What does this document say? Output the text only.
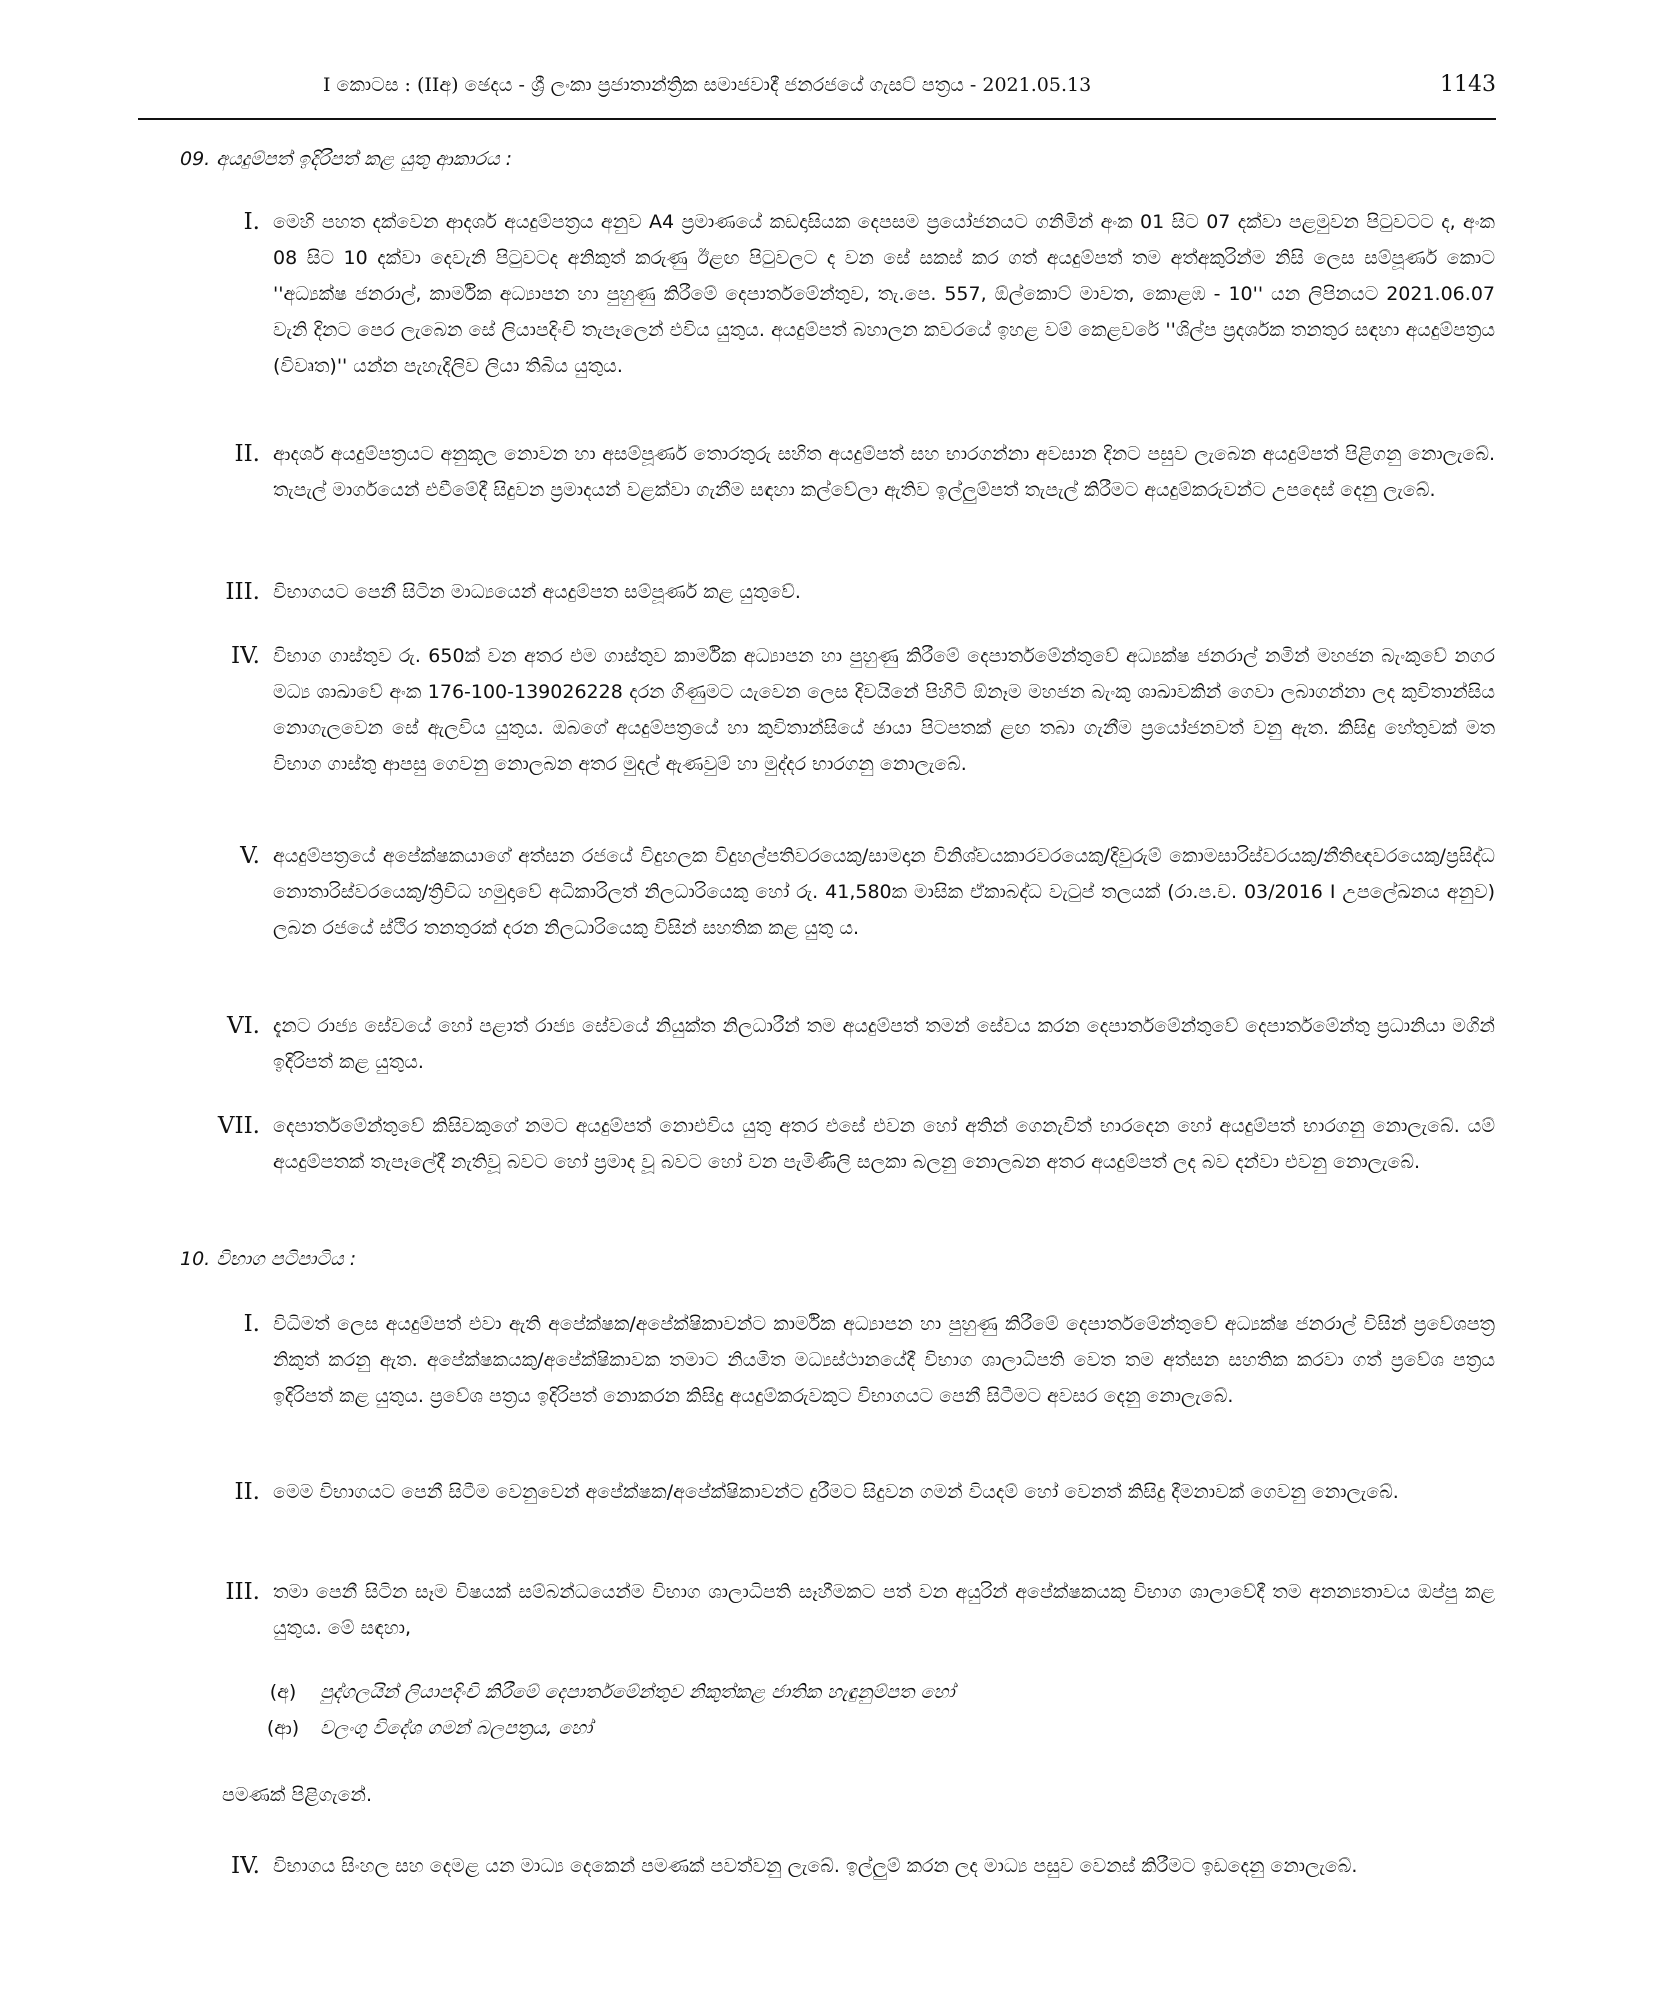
I කොටස : (IIඅ) ඡෙදය - ශ්‍රී ලංකා ප්‍රජාතාන්ත්‍රික සමාජවාදී ජනරජයේ ගැසට් පත්‍රය - 2021.05.13	1143
09. අයදුම්පත් ඉදිරිපත් කළ යුතු ආකාරය :
I. මෙහි පහත දක්වෙන ආදර්ශ අයදුම්පත්‍රය අනුව A4 ප්‍රමාණයේ කඩදාසියක දෙපසම ප්‍රයෝජනයට ගනිමින් අංක 01 සිට 07 දක්වා පළමුවන පිටුවටට ද, අංක 08 සිට 10 දක්වා දෙවැනි පිටුවටද අනිකුත් කරුණු ඊළඟ පිටුවලට ද වන සේ සකස් කර ගත් අයදුම්පත් තම අත්අකුරින්ම නිසි ලෙස සම්පූර්ණ කොට ''අධ්‍යක්ෂ ජනරාල්, කාර්මික අධ්‍යාපන හා පුහුණු කිරීමේ දෙපාර්තමේන්තුව, තැ.පෙ. 557, ඕල්කොට් මාවත, කොළඹ - 10'' යන ලිපිනයට 2021.06.07 වැනි දිනට පෙර ලැබෙන සේ ලියාපදිංචි තැපෑලෙන් එවිය යුතුය. අයදුම්පත් බහාලන කවරයේ ඉහළ වම් කෙළවරේ ''ශිල්ප ප්‍රදර්ශක තනතුර සඳහා අයදුම්පත්‍රය (විවෘත)'' යන්න පැහැදිලිව ලියා තිබිය යුතුය.

II. ආදර්ශ අයදුම්පත්‍රයට අනුකූල නොවන හා අසම්පූර්ණ තොරතුරු සහිත අයදුම්පත් සහ භාරගන්නා අවසාන දිනට පසුව ලැබෙන අයදුම්පත් පිළිගනු නොලැබේ. තැපැල් මාර්ගයෙන් එවීමේදී සිදුවන ප්‍රමාදයන් වළක්වා ගැනීම සඳහා කල්වේලා ඇතිව ඉල්ලුම්පත් තැපැල් කිරීමට අයදුම්කරුවන්ට උපදෙස් දෙනු ලැබේ.

III. විභාගයට පෙනී සිටින මාධ්‍යයෙන් අයදුම්පත සම්පූර්ණ කළ යුතුවේ.

IV. විභාග ගාස්තුව රු. 650ක් වන අතර එම ගාස්තුව කාර්මික අධ්‍යාපන හා පුහුණු කිරීමේ දෙපාර්තමේන්තුවේ අධ්‍යක්ෂ ජනරාල් නමින් මහජන බැංකුවේ නගර මධ්‍ය ශාඛාවේ අංක 176-100-139026228 දරන ගිණුමට යැවෙන ලෙස දිවයිනේ පිහිටි ඕනෑම මහජන බැංකු ශාඛාවකින් ගෙවා ලබාගන්නා ලද කුවිතාන්සිය නොගැලවෙන සේ ඇලවිය යුතුය. ඔබගේ අයදුම්පත්‍රයේ හා කුවිතාන්සියේ ඡායා පිටපතක් ළඟ තබා ගැනීම ප්‍රයෝජනවත් වනු ඇත. කිසිදු හේතුවක් මත විභාග ගාස්තු ආපසු ගෙවනු නොලබන අතර මුදල් ඇණවුම් හා මුද්දර භාරගනු නොලැබේ.

V. අයදුම්පත්‍රයේ අපේක්ෂකයාගේ අත්සන රජයේ විදුහලක විදුහල්පතිවරයෙකු/සාමදාන විනිශ්චයකාරවරයෙකු/දිවුරුම් කොමසාරිස්වරයකු/නීතිඥවරයෙකු/ප්‍රසිද්ධ නොතාරිස්වරයෙකු/ත්‍රිවිධ හමුදාවේ අධිකාරිලත් නිලධාරියෙකු හෝ රු. 41,580ක මාසික ඒකාබද්ධ වැටුප් තලයක් (රා.ප.ච. 03/2016 I උපලේඛනය අනුව) ලබන රජයේ ස්ථිර තනතුරක් දරන නිලධාරියෙකු විසින් සහතික කළ යුතු ය.

VI. දැනට රාජ්‍ය සේවයේ හෝ පළාත් රාජ්‍ය සේවයේ නියුක්ත නිලධාරීන් තම අයදුම්පත් තමන් සේවය කරන දෙපාර්තමේන්තුවේ දෙපාර්තමේන්තු ප්‍රධානියා මගින් ඉදිරිපත් කළ යුතුය.

VII. දෙපාර්තමේන්තුවේ කිසිවකුගේ නමට අයදුම්පත් නොඑවිය යුතු අතර එසේ එවන හෝ අතින් ගෙනැවිත් භාරදෙන හෝ අයදුම්පත් භාරගනු නොලැබේ. යම් අයදුම්පතක් තැපෑලේදී නැතිවූ බවට හෝ ප්‍රමාද වූ බවට හෝ වන පැමිණිලි සලකා බලනු නොලබන අතර අයදුම්පත් ලද බව දන්වා එවනු නොලැබේ.

10. විභාග පටිපාටිය :
I. විධිමත් ලෙස අයදුම්පත් එවා ඇති අපේක්ෂක/අපේක්ෂිකාවන්ට කාර්මික අධ්‍යාපන හා පුහුණු කිරීමේ දෙපාර්තමේන්තුවේ අධ්‍යක්ෂ ජනරාල් විසින් ප්‍රවේශපත්‍ර නිකුත් කරනු ඇත. අපේක්ෂකයකු/අපේක්ෂිකාවක තමාට නියමිත මධ්‍යස්ථානයේදී විභාග ශාලාධිපති වෙත තම අත්සන සහතික කරවා ගත් ප්‍රවේශ පත්‍රය ඉදිරිපත් කළ යුතුය. ප්‍රවේශ පත්‍රය ඉදිරිපත් නොකරන කිසිදු අයදුම්කරුවකුට විභාගයට පෙනී සිටීමට අවසර දෙනු නොලැබේ.

II. මෙම විභාගයට පෙනී සිටීම වෙනුවෙන් අපේක්ෂක/අපේක්ෂිකාවන්ට දුරීමට සිදුවන ගමන් වියදම් හෝ වෙනත් කිසිදු දීමනාවක් ගෙවනු නොලැබේ.

III. තමා පෙනී සිටින සෑම විෂයක් සම්බන්ධයෙන්ම විභාග ශාලාධිපති සෑහීමකට පත් වන අයුරින් අපේක්ෂකයකු විභාග ශාලාවේදී තම අනන්‍යතාවය ඔප්පු කළ යුතුය. මේ සඳහා,

(අ) පුද්ගලයින් ලියාපදිංචි කිරීමේ දෙපාර්තමේන්තුව නිකුත්කළ ජාතික හැඳුනුම්පත හෝ
(ආ) වලංගු විදේශ ගමන් බලපත්‍රය, හෝ
පමණක් පිළිගැනේ.
IV. විභාගය සිංහල සහ දෙමළ යන මාධ්‍ය දෙකෙන් පමණක් පවත්වනු ලැබේ. ඉල්ලුම් කරන ලද මාධ්‍ය පසුව වෙනස් කිරීමට ඉඩදෙනු නොලැබේ.
